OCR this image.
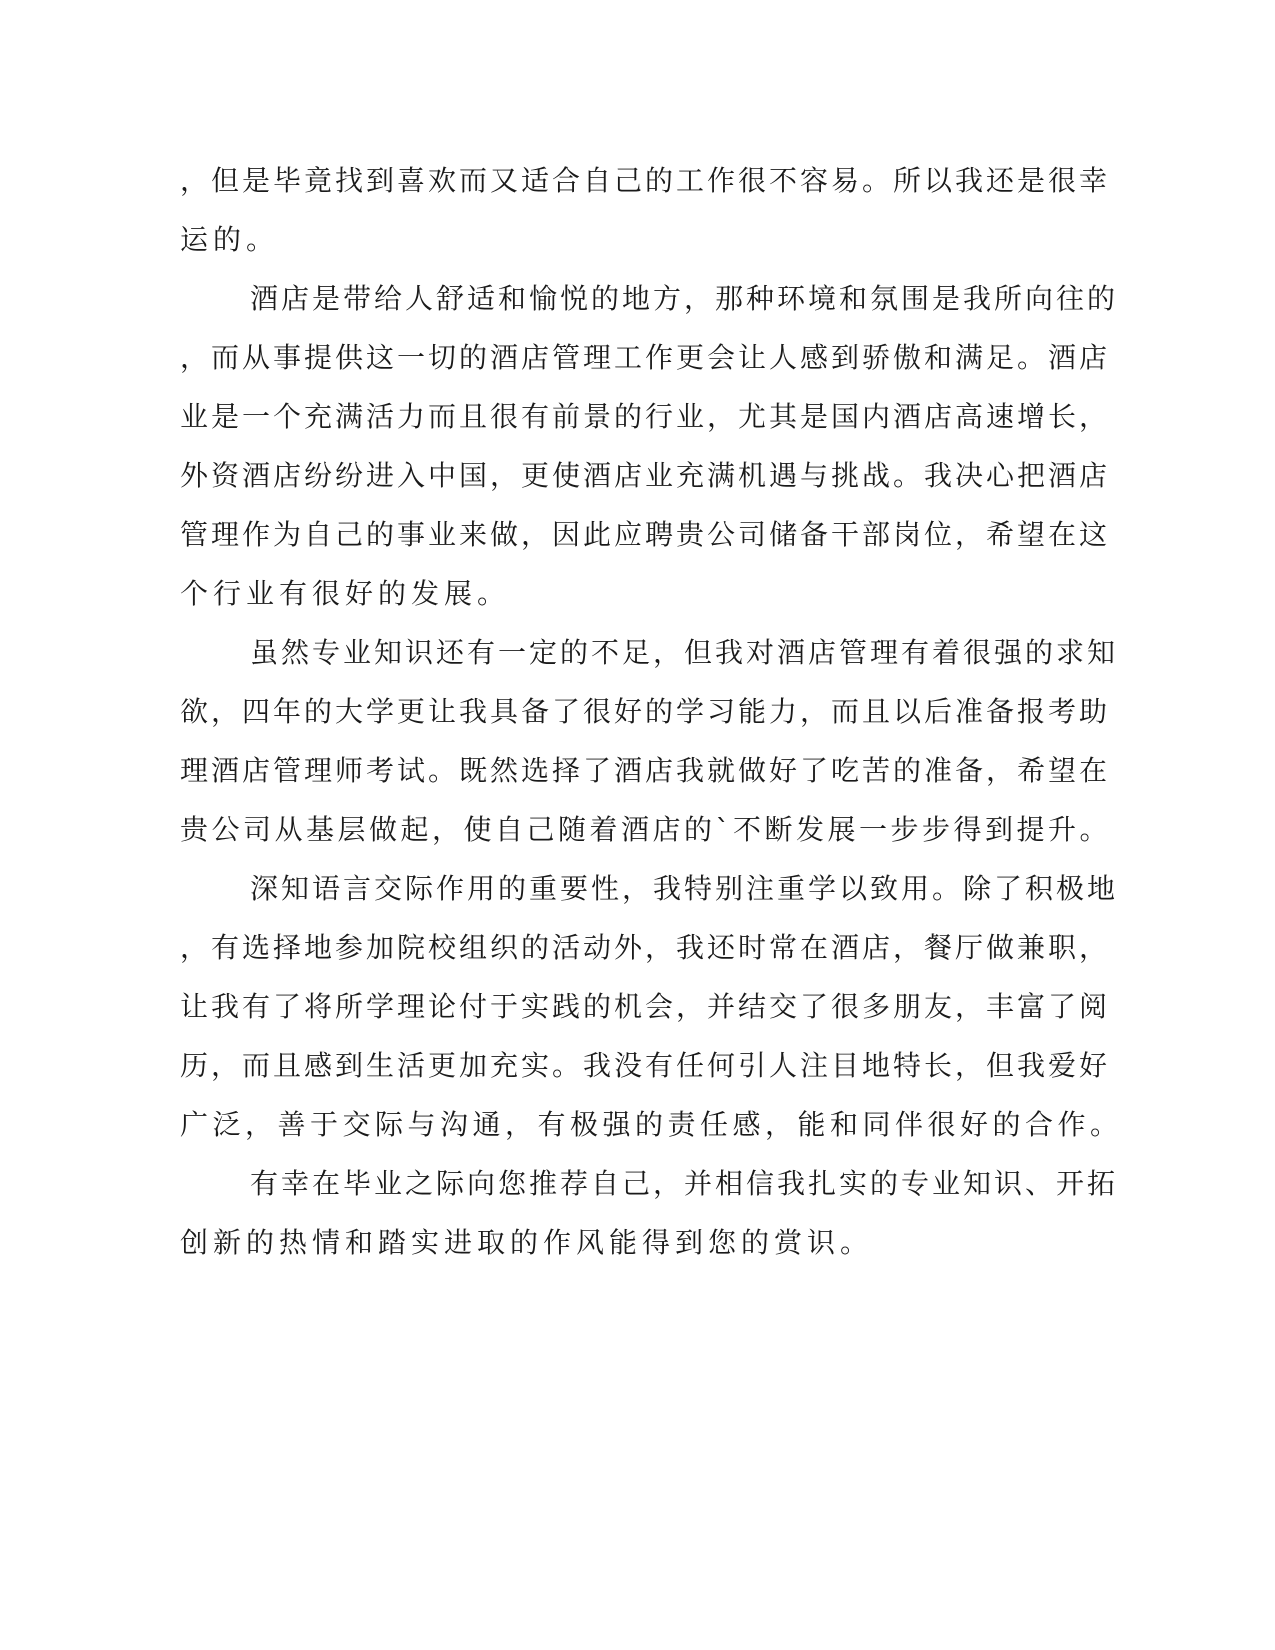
，但是毕竟找到喜欢而又适合自己的工作很不容易。所以我还是很幸
运的。
酒店是带给人舒适和愉悦的地方，那种环境和氛围是我所向往的
，而从事提供这一切的酒店管理工作更会让人感到骄傲和满足。酒店
业是一个充满活力而且很有前景的行业，尤其是国内酒店高速增长，
外资酒店纷纷进入中国，更使酒店业充满机遇与挑战。我决心把酒店
管理作为自己的事业来做，因此应聘贵公司储备干部岗位，希望在这
个行业有很好的发展。
虽然专业知识还有一定的不足，但我对酒店管理有着很强的求知
欲，四年的大学更让我具备了很好的学习能力，而且以后准备报考助
理酒店管理师考试。既然选择了酒店我就做好了吃苦的准备，希望在
贵公司从基层做起，使自己随着酒店的`不断发展一步步得到提升。
深知语言交际作用的重要性，我特别注重学以致用。除了积极地
，有选择地参加院校组织的活动外，我还时常在酒店，餐厅做兼职，
让我有了将所学理论付于实践的机会，并结交了很多朋友，丰富了阅
历，而且感到生活更加充实。我没有任何引人注目地特长，但我爱好
广泛，善于交际与沟通，有极强的责任感，能和同伴很好的合作。
有幸在毕业之际向您推荐自己，并相信我扎实的专业知识、开拓
创新的热情和踏实进取的作风能得到您的赏识。
